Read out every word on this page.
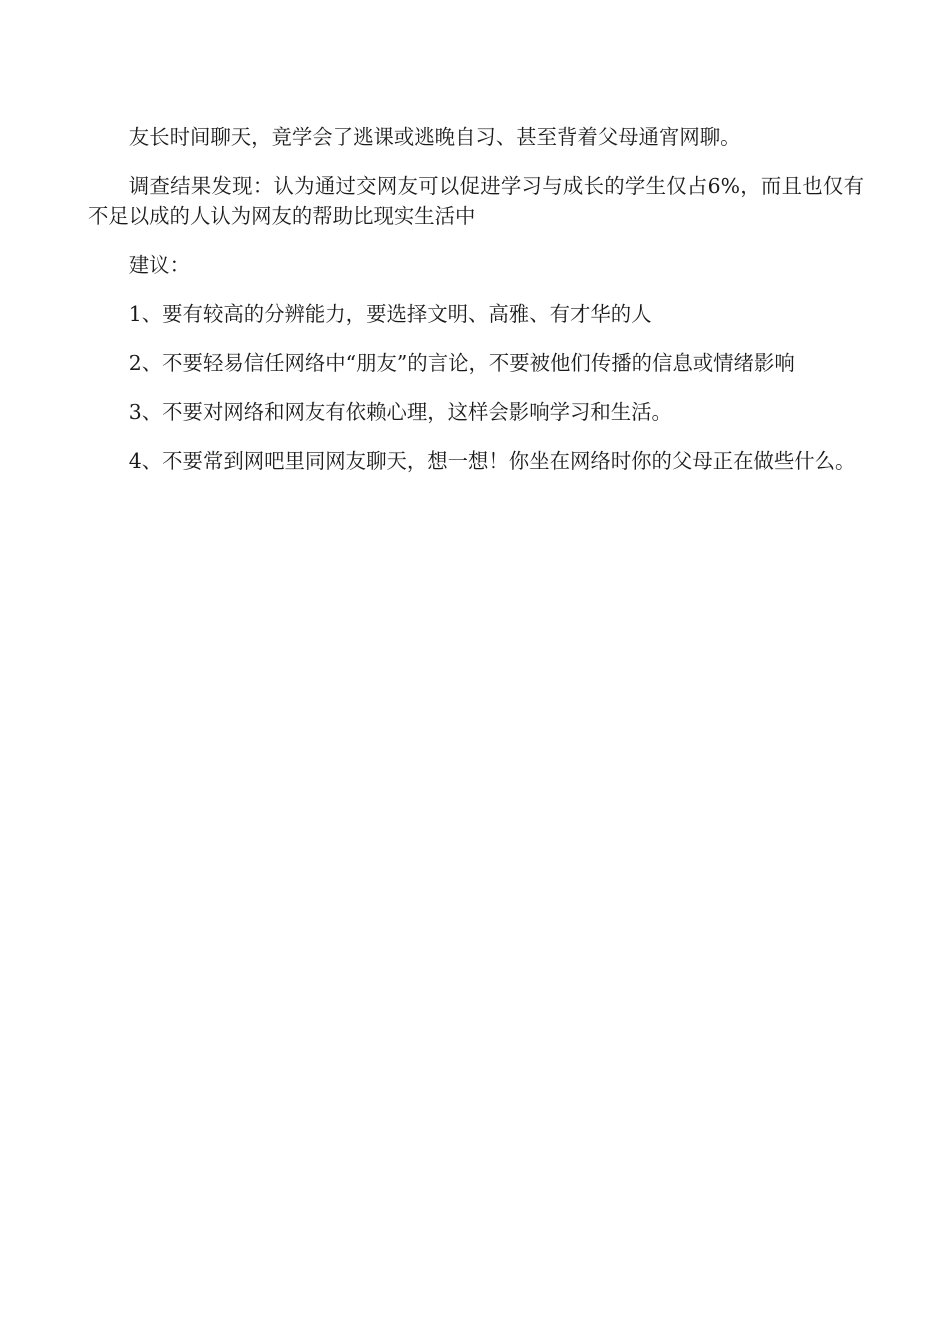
友长时间聊天，竟学会了逃课或逃晚自习、甚至背着父母通宵网聊。

调查结果发现：认为通过交网友可以促进学习与成长的学生仅占6%，而且也仅有不足以成的人认为网友的帮助比现实生活中

建议：

1、要有较高的分辨能力，要选择文明、高雅、有才华的人

2、不要轻易信任网络中“朋友”的言论，不要被他们传播的信息或情绪影响

3、不要对网络和网友有依赖心理，这样会影响学习和生活。

4、不要常到网吧里同网友聊天，想一想！你坐在网络时你的父母正在做些什么。
